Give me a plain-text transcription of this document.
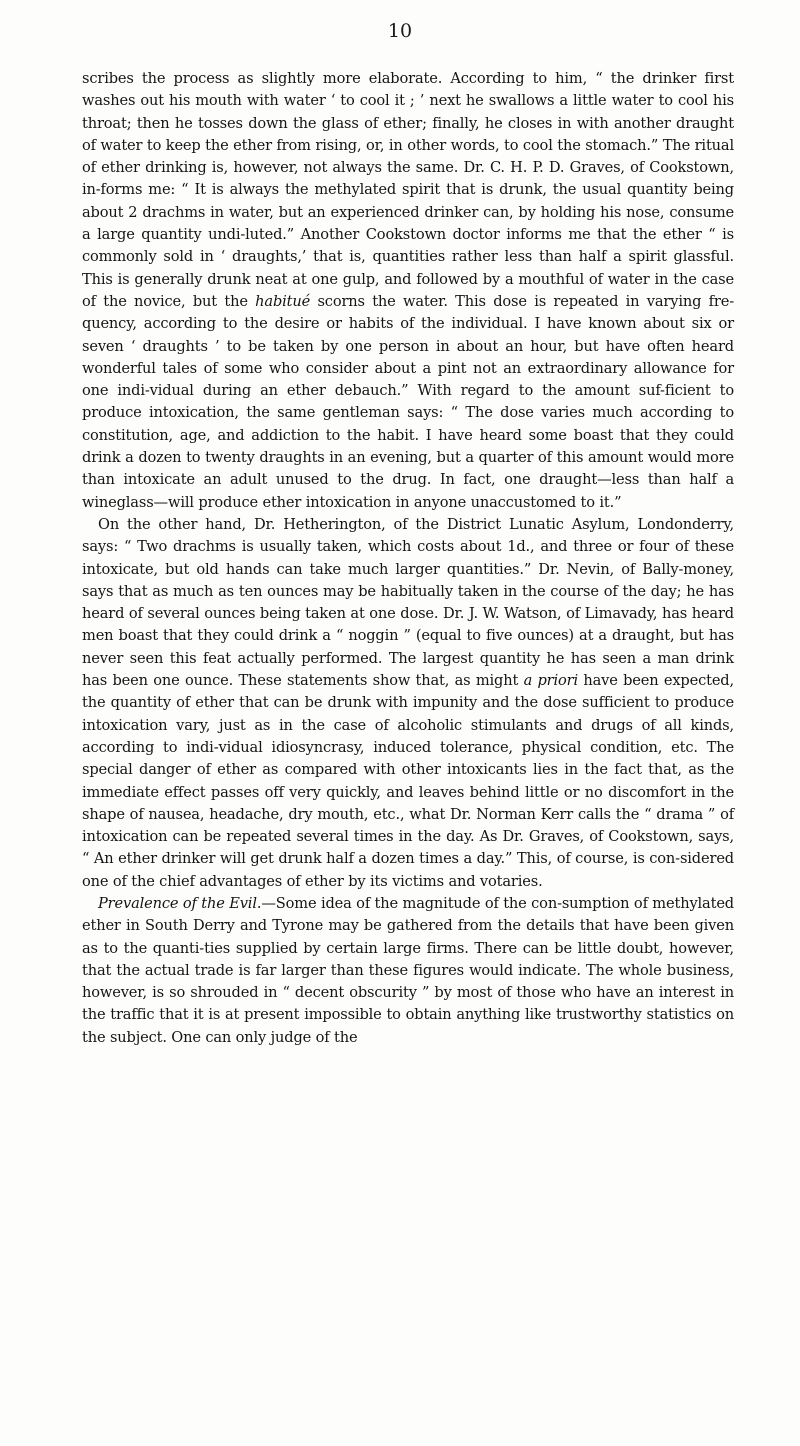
10

scribes the process as slightly more elaborate. According to him, “ the drinker first washes out his mouth with water ‘ to cool it ; ’ next he swallows a little water to cool his throat; then he tosses down the glass of ether; finally, he closes in with another draught of water to keep the ether from rising, or, in other words, to cool the stomach.” The ritual of ether drinking is, however, not always the same. Dr. C. H. P. D. Graves, of Cookstown, in-forms me: “ It is always the methylated spirit that is drunk, the usual quantity being about 2 drachms in water, but an experienced drinker can, by holding his nose, consume a large quantity undi-luted.” Another Cookstown doctor informs me that the ether “ is commonly sold in ‘ draughts,’ that is, quantities rather less than half a spirit glassful. This is generally drunk neat at one gulp, and followed by a mouthful of water in the case of the novice, but the habitué scorns the water. This dose is repeated in varying fre-quency, according to the desire or habits of the individual. I have known about six or seven ‘ draughts ’ to be taken by one person in about an hour, but have often heard wonderful tales of some who consider about a pint not an extraordinary allowance for one indi-vidual during an ether debauch.” With regard to the amount suf-ficient to produce intoxication, the same gentleman says: “ The dose varies much according to constitution, age, and addiction to the habit. I have heard some boast that they could drink a dozen to twenty draughts in an evening, but a quarter of this amount would more than intoxicate an adult unused to the drug. In fact, one draught—less than half a wineglass—will produce ether intoxication in anyone unaccustomed to it.”

On the other hand, Dr. Hetherington, of the District Lunatic Asylum, Londonderry, says: “ Two drachms is usually taken, which costs about 1d., and three or four of these intoxicate, but old hands can take much larger quantities.” Dr. Nevin, of Bally-money, says that as much as ten ounces may be habitually taken in the course of the day; he has heard of several ounces being taken at one dose. Dr. J. W. Watson, of Limavady, has heard men boast that they could drink a “ noggin ” (equal to five ounces) at a draught, but has never seen this feat actually performed. The largest quantity he has seen a man drink has been one ounce. These statements show that, as might a priori have been expected, the quantity of ether that can be drunk with impunity and the dose sufficient to produce intoxication vary, just as in the case of alcoholic stimulants and drugs of all kinds, according to indi-vidual idiosyncrasy, induced tolerance, physical condition, etc. The special danger of ether as compared with other intoxicants lies in the fact that, as the immediate effect passes off very quickly, and leaves behind little or no discomfort in the shape of nausea, headache, dry mouth, etc., what Dr. Norman Kerr calls the “ drama ” of intoxication can be repeated several times in the day. As Dr. Graves, of Cookstown, says, “ An ether drinker will get drunk half a dozen times a day.” This, of course, is con-sidered one of the chief advantages of ether by its victims and votaries.

Prevalence of the Evil.—Some idea of the magnitude of the con-sumption of methylated ether in South Derry and Tyrone may be gathered from the details that have been given as to the quanti-ties supplied by certain large firms. There can be little doubt, however, that the actual trade is far larger than these figures would indicate. The whole business, however, is so shrouded in “ decent obscurity ” by most of those who have an interest in the traffic that it is at present impossible to obtain anything like trustworthy statistics on the subject. One can only judge of the
